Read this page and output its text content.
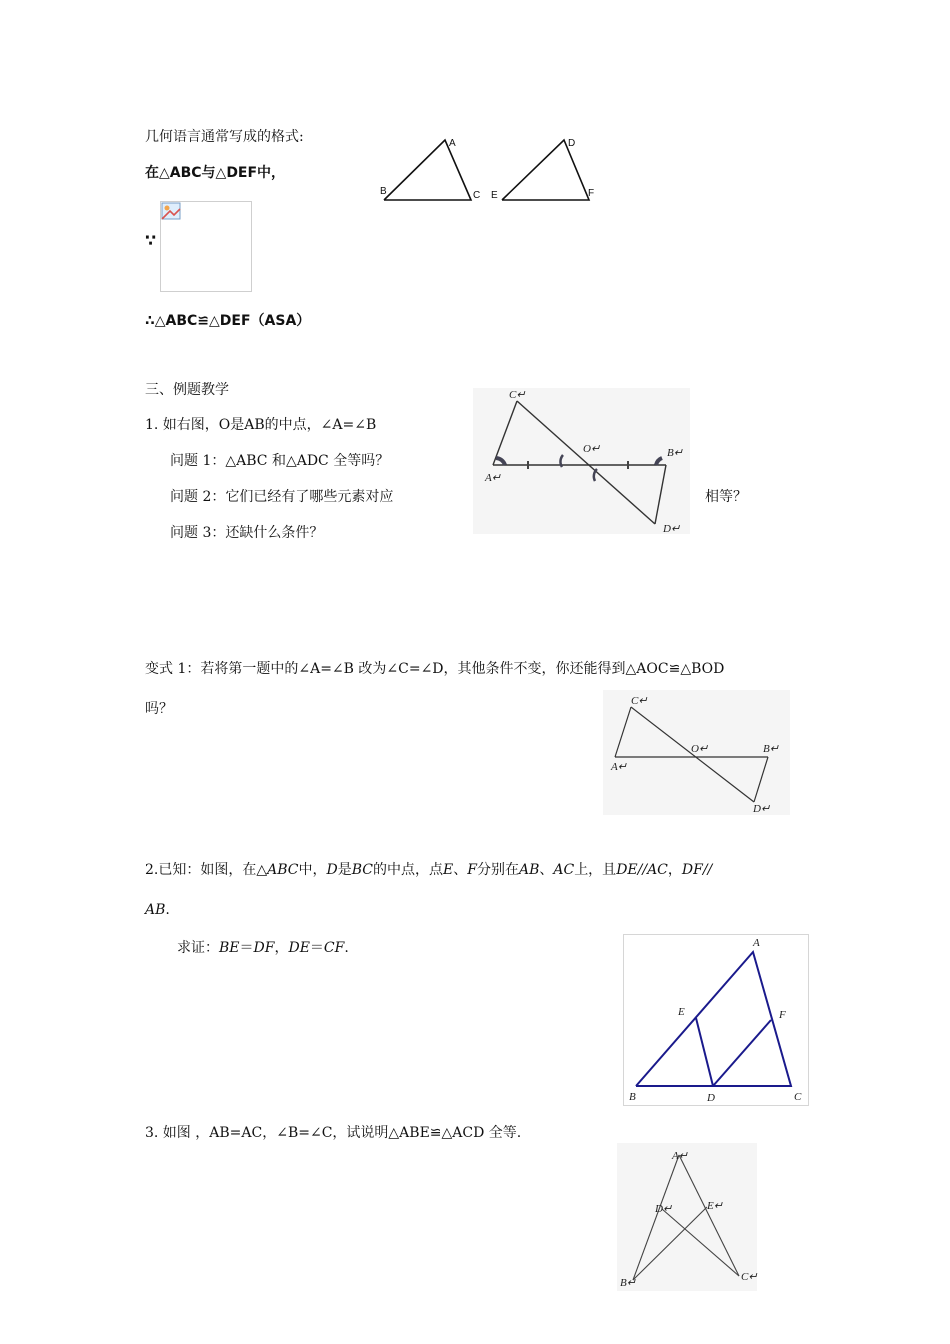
几何语言通常写成的格式:
在△ABC与△DEF中，
∵
∴△ABC≌△DEF（ASA）
A
B	C
D
E	F
三、例题教学
1. 如右图，O是AB的中点，∠A=∠B
问题 1：△ABC 和△ADC 全等吗？
问题 2：它们已经有了哪些元素对应	相等？
问题 3：还缺什么条件？
C↵
O↵	B↵
A↵
D↵
变式 1：若将第一题中的∠A=∠B 改为∠C=∠D，其他条件不变，你还能得到△AOC≌△BOD
吗？	C↵
O↵	B↵
A↵
D↵
2.已知：如图，在△ABC中，D是BC的中点，点E、F分别在AB、AC上，且DE//AC，DF//
AB.
求证：BE＝DF，DE＝CF.	A
E	F
B	D	C
3. 如图 ，AB=AC，∠B=∠C，试说明△ABE≌△ACD 全等.
A↵
D↵	E↵
B↵	C↵
